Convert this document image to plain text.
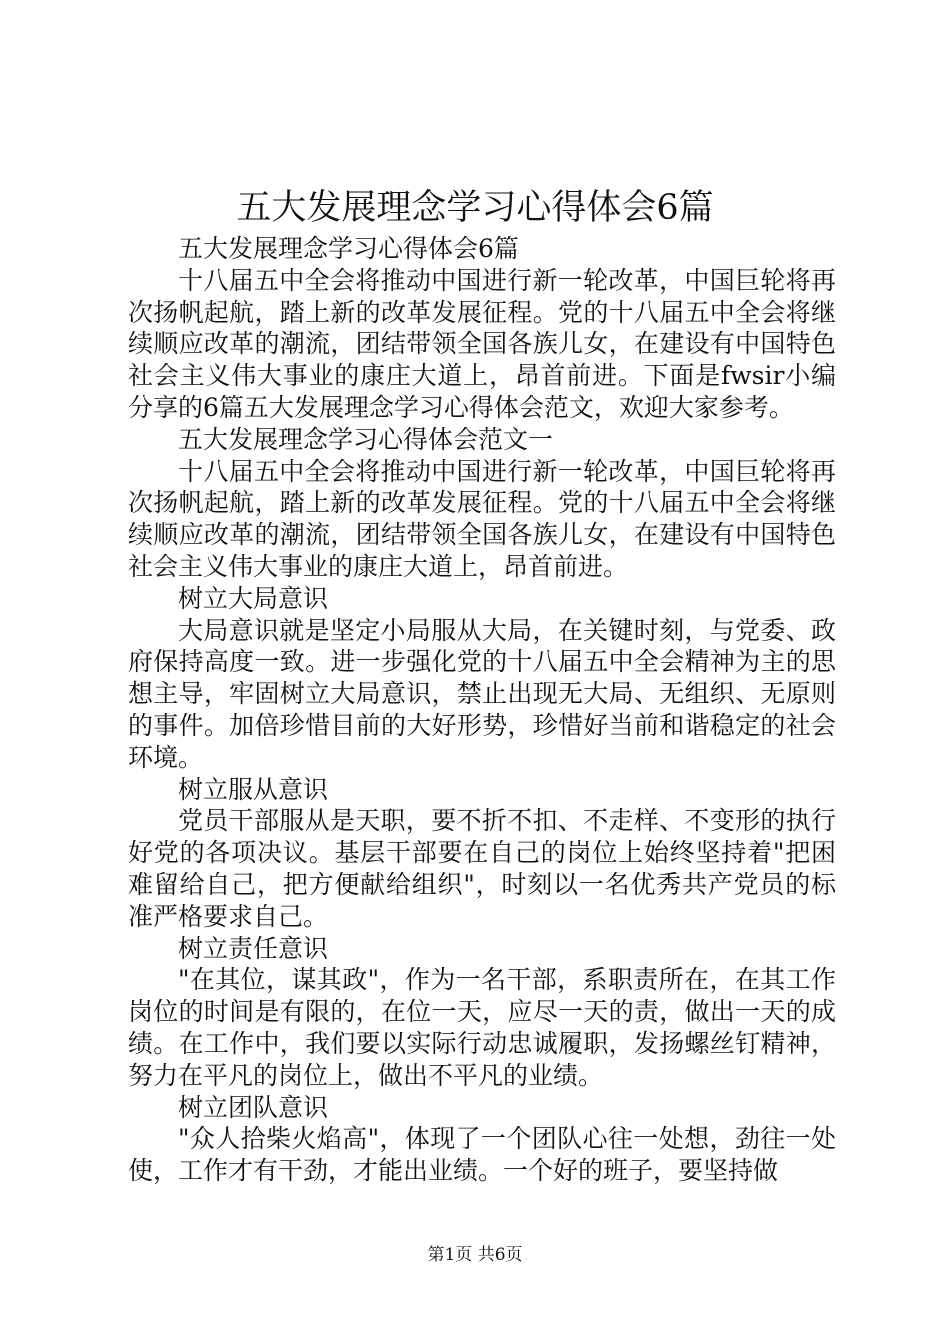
五大发展理念学习心得体会6篇

五大发展理念学习心得体会6篇

十八届五中全会将推动中国进行新一轮改革，中国巨轮将再次扬帆起航，踏上新的改革发展征程。党的十八届五中全会将继续顺应改革的潮流，团结带领全国各族儿女，在建设有中国特色社会主义伟大事业的康庄大道上，昂首前进。下面是fwsir小编分享的6篇五大发展理念学习心得体会范文，欢迎大家参考。

五大发展理念学习心得体会范文一

十八届五中全会将推动中国进行新一轮改革，中国巨轮将再次扬帆起航，踏上新的改革发展征程。党的十八届五中全会将继续顺应改革的潮流，团结带领全国各族儿女，在建设有中国特色社会主义伟大事业的康庄大道上，昂首前进。

树立大局意识

大局意识就是坚定小局服从大局，在关键时刻，与党委、政府保持高度一致。进一步强化党的十八届五中全会精神为主的思想主导，牢固树立大局意识，禁止出现无大局、无组织、无原则的事件。加倍珍惜目前的大好形势，珍惜好当前和谐稳定的社会环境。

树立服从意识

党员干部服从是天职，要不折不扣、不走样、不变形的执行好党的各项决议。基层干部要在自己的岗位上始终坚持着"把困难留给自己，把方便献给组织"，时刻以一名优秀共产党员的标准严格要求自己。

树立责任意识

"在其位，谋其政"，作为一名干部，系职责所在，在其工作岗位的时间是有限的，在位一天，应尽一天的责，做出一天的成绩。在工作中，我们要以实际行动忠诚履职，发扬螺丝钉精神，努力在平凡的岗位上，做出不平凡的业绩。

树立团队意识

"众人拾柴火焰高"，体现了一个团队心往一处想，劲往一处使，工作才有干劲，才能出业绩。一个好的班子，要坚持做

第1页 共6页
